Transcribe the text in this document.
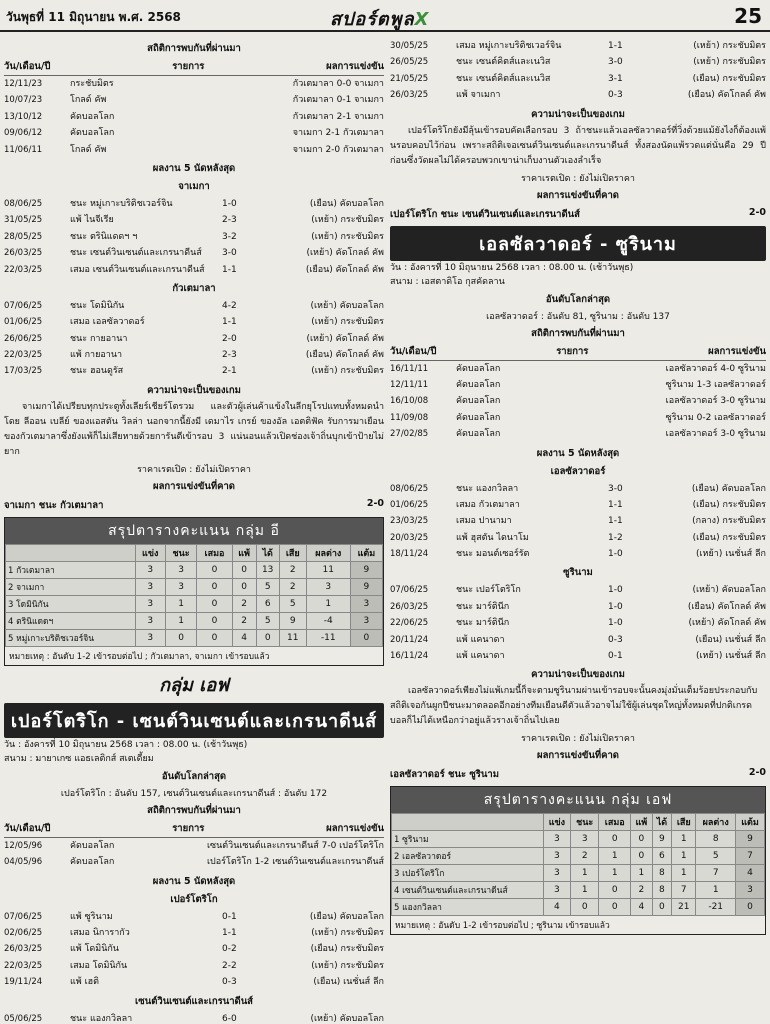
วันพุธที่ 11 มิถุนายน พ.ศ. 2568	สปอร์ตพูลX	25
สถิติการพบกันที่ผ่านมา
วัน/เดือน/ปี	รายการ	ผลการแข่งขัน
12/11/23	กระชับมิตร	กัวเตมาลา 0-0 จาเมกา
10/07/23	โกลด์ คัพ	กัวเตมาลา 0-1 จาเมกา
13/10/12	คัดบอลโลก	กัวเตมาลา 2-1 จาเมกา
09/06/12	คัดบอลโลก	จาเมกา 2-1 กัวเตมาลา
11/06/11	โกลด์ คัพ	จาเมกา 2-0 กัวเตมาลา
ผลงาน 5 นัดหลังสุด
จาเมกา
08/06/25	ชนะ หมู่เกาะบริติชเวอร์จิน	1-0	(เยือน) คัดบอลโลก
31/05/25	แพ้ ไนจีเรีย	2-3	(เหย้า) กระชับมิตร
28/05/25	ชนะ ตรินิแดดฯ ฯ	3-2	(เหย้า) กระชับมิตร
26/03/25	ชนะ เซนต์วินเซนต์และเกรนาดีนส์	3-0	(เหย้า) คัดโกลด์ คัพ
22/03/25	เสมอ เซนต์วินเซนต์และเกรนาดีนส์	1-1	(เยือน) คัดโกลด์ คัพ
กัวเตมาลา
07/06/25	ชนะ โดมินิกัน	4-2	(เหย้า) คัดบอลโลก
01/06/25	เสมอ เอลซัลวาดอร์	1-1	(เหย้า) กระชับมิตร
26/06/25	ชนะ กายอานา	2-0	(เหย้า) คัดโกลด์ คัพ
22/03/25	แพ้ กายอานา	2-3	(เยือน) คัดโกลด์ คัพ
17/03/25	ชนะ ฮอนดูรัส	2-1	(เหย้า) กระชับมิตร
ความน่าจะเป็นของเกม
จาเมกาได้เปรียบทุกประตูทั้งเลียร์เชียร์โตรวม และตัวผู้เล่นค้าแข้งในลีกยุโรปแทบทั้งหมดนำโดย ลีออน เบลีย์ ของแอสตัน วิลล่า นอกจากนี้ยังมี เดมาไร เกรย์ ของอัล เอตติฟัค รับการมาเยือนของกัวเตมาลาซึ่งยังแพ้ก็ไม่เสียหายด้วยการันตีเข้ารอบ 3 แน่นอนแล้วเปิดช่องเจ้าถิ่นบุกเข้าป้ายไม่ยาก
ราคาเรตเปิด : ยังไม่เปิดราคา
ผลการแข่งขันที่คาด
จาเมกา ชนะ กัวเตมาลา	2-0
สรุปตารางคะแนน กลุ่ม อี
	แข่ง	ชนะ	เสมอ	แพ้	ได้	เสีย	ผลต่าง	แต้ม
1 กัวเตมาลา	3	3	0	0	13	2	11	9
2 จาเมกา	3	3	0	0	5	2	3	9
3 โดมินิกัน	3	1	0	2	6	5	1	3
4 ตรินิแดดฯ	3	1	0	2	5	9	-4	3
5 หมู่เกาะบริติชเวอร์จิน	3	0	0	4	0	11	-11	0
หมายเหตุ : อันดับ 1-2 เข้ารอบต่อไป ; กัวเตมาลา, จาเมกา เข้ารอบแล้ว
กลุ่ม เอฟ
เปอร์โตริโก - เซนต์วินเซนต์และเกรนาดีนส์
วัน : อังคารที่ 10 มิถุนายน 2568 เวลา : 08.00 น. (เช้าวันพุธ)
สนาม : มายาเกซ แอธเลติกส์ สเตเดี้ยม
อันดับโลกล่าสุด
เปอร์โตริโก : อันดับ 157, เซนต์วินเซนต์และเกรนาดีนส์ : อันดับ 172
สถิติการพบกันที่ผ่านมา
วัน/เดือน/ปี	รายการ	ผลการแข่งขัน
12/05/96	คัดบอลโลก	เซนต์วินเซนต์และเกรนาดีนส์ 7-0 เปอร์โตริโก
04/05/96	คัดบอลโลก	เปอร์โตริโก 1-2 เซนต์วินเซนต์และเกรนาดีนส์
ผลงาน 5 นัดหลังสุด
เปอร์โตริโก
07/06/25	แพ้ ซูรินาม	0-1	(เยือน) คัดบอลโลก
02/06/25	เสมอ นิการากัว	1-1	(เหย้า) กระชับมิตร
26/03/25	แพ้ โดมินิกัน	0-2	(เยือน) กระชับมิตร
22/03/25	เสมอ โดมินิกัน	2-2	(เหย้า) กระชับมิตร
19/11/24	แพ้ เฮติ	0-3	(เยือน) เนชั่นส์ ลีก
เซนต์วินเซนต์และเกรนาดีนส์
05/06/25	ชนะ แองกวิลลา	6-0	(เหย้า) คัดบอลโลก
30/05/25	เสมอ หมู่เกาะบริติชเวอร์จิน	1-1	(เหย้า) กระชับมิตร
26/05/25	ชนะ เซนต์คิตส์และเนวิส	3-0	(เหย้า) กระชับมิตร
21/05/25	ชนะ เซนต์คิตส์และเนวิส	3-1	(เยือน) กระชับมิตร
26/03/25	แพ้ จาเมกา	0-3	(เยือน) คัดโกลด์ คัพ
ความน่าจะเป็นของเกม
เปอร์โตริโกยังมีลุ้นเข้ารอบคัดเลือกรอบ 3 ถ้าชนะแล้วเอลซัลวาดอร์ที่วิ่งด้วยแม้ยังไงก็ต้องแพ้นรอบคอบไว้ก่อน เพราะสถิติเจอเซนต์วินเซนต์และเกรนาดีนส์ ทั้งสองนัดแพ้รวดแต่นั่นคือ 29 ปีก่อนซึ่งวัดผลไม่ได้ครอบพวกเขาน่าเก็บงานตัวเองลำเร็จ
ราคาเรตเปิด : ยังไม่เปิดราคา
ผลการแข่งขันที่คาด
เปอร์โตริโก ชนะ เซนต์วินเซนต์และเกรนาดีนส์	2-0
เอลซัลวาดอร์ - ซูรินาม
วัน : อังคารที่ 10 มิถุนายน 2568 เวลา : 08.00 น. (เช้าวันพุธ)
สนาม : เอสตาดิโอ กุสคัดลาน
อันดับโลกล่าสุด
เอลซัลวาดอร์ : อันดับ 81, ซูรินาม : อันดับ 137
สถิติการพบกันที่ผ่านมา
วัน/เดือน/ปี	รายการ	ผลการแข่งขัน
16/11/11	คัดบอลโลก	เอลซัลวาดอร์ 4-0 ซูรินาม
12/11/11	คัดบอลโลก	ซูรินาม 1-3 เอลซัลวาดอร์
16/10/08	คัดบอลโลก	เอลซัลวาดอร์ 3-0 ซูรินาม
11/09/08	คัดบอลโลก	ซูรินาม 0-2 เอลซัลวาดอร์
27/02/85	คัดบอลโลก	เอลซัลวาดอร์ 3-0 ซูรินาม
ผลงาน 5 นัดหลังสุด
เอลซัลวาดอร์
08/06/25	ชนะ แองกวิลลา	3-0	(เยือน) คัดบอลโลก
01/06/25	เสมอ กัวเตมาลา	1-1	(เยือน) กระชับมิตร
23/03/25	เสมอ ปานามา	1-1	(กลาง) กระชับมิตร
20/03/25	แพ้ ฮุสตัน ไดนาโม	1-2	(เยือน) กระชับมิตร
18/11/24	ชนะ มอนต์เซอร์รัต	1-0	(เหย้า) เนชั่นส์ ลีก
ซูรินาม
07/06/25	ชนะ เปอร์โตริโก	1-0	(เหย้า) คัดบอลโลก
26/03/25	ชนะ มาร์ตินีก	1-0	(เยือน) คัดโกลด์ คัพ
22/06/25	ชนะ มาร์ตินีก	1-0	(เหย้า) คัดโกลด์ คัพ
20/11/24	แพ้ แคนาดา	0-3	(เยือน) เนชั่นส์ ลีก
16/11/24	แพ้ แคนาดา	0-1	(เหย้า) เนชั่นส์ ลีก
ความน่าจะเป็นของเกม
เอลซัลวาดอร์เพียงไม่แพ้เกมนี้ก็จะตามซูรินามผ่านเข้ารอบจะนั้นคงมุ่งมั่นเต็มร้อยประกอบกับสถิติเจอกันผูกปีชนะมาตลอดอีกอย่างทีมเยือนดีตัวแล้วอาจไม่ใช้ผู้เล่นชุดใหญ่ทั้งหมดที่ปกติเกรดบอลก็ไม่ได้เหนือกว่าอยู่แล้วรางเจ้าถิ่นไปเลย
ราคาเรตเปิด : ยังไม่เปิดราคา
ผลการแข่งขันที่คาด
เอลซัลวาดอร์ ชนะ ซูรินาม	2-0
สรุปตารางคะแนน กลุ่ม เอฟ
	แข่ง	ชนะ	เสมอ	แพ้	ได้	เสีย	ผลต่าง	แต้ม
1 ซูรินาม	3	3	0	0	9	1	8	9
2 เอลซัลวาดอร์	3	2	1	0	6	1	5	7
3 เปอร์โตริโก	3	1	1	1	8	1	7	4
4 เซนต์วินเซนต์และเกรนาดีนส์	3	1	0	2	8	7	1	3
5 แองกวิลลา	4	0	0	4	0	21	-21	0
หมายเหตุ : อันดับ 1-2 เข้ารอบต่อไป ; ซูรินาม เข้ารอบแล้ว
